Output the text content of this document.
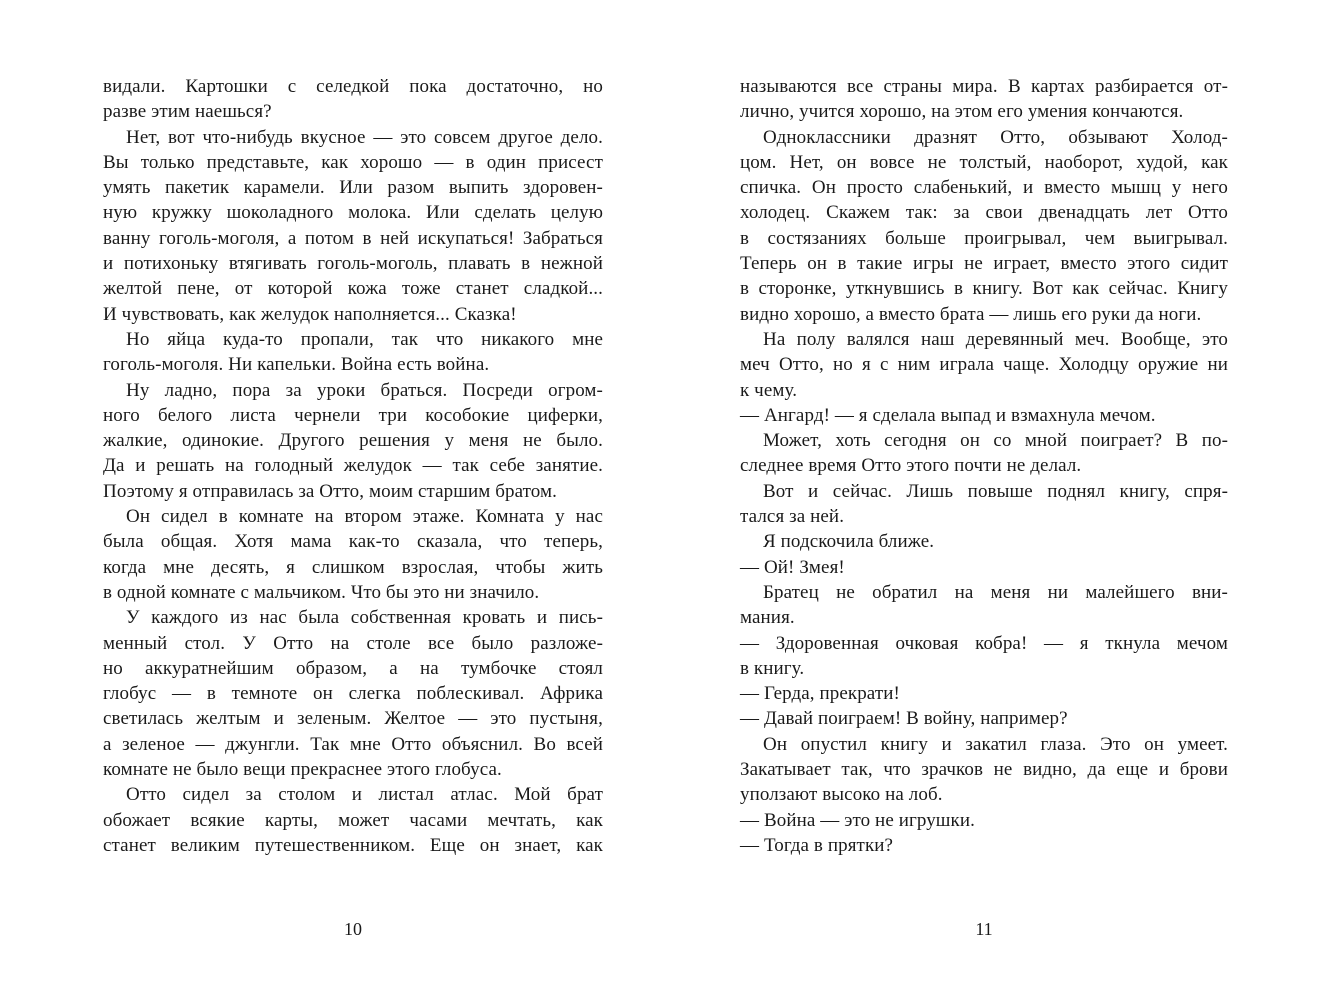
видали. Картошки с селедкой пока достаточно, но
разве этим наешься?
Нет, вот что-нибудь вкусное — это совсем другое дело.
Вы только представьте, как хорошо — в один присест
умять пакетик карамели. Или разом выпить здоровен-
ную кружку шоколадного молока. Или сделать целую
ванну гоголь-моголя, а потом в ней искупаться! Забраться
и потихоньку втягивать гоголь-моголь, плавать в нежной
желтой пене, от которой кожа тоже станет сладкой...
И чувствовать, как желудок наполняется... Сказка!
Но яйца куда-то пропали, так что никакого мне
гоголь-моголя. Ни капельки. Война есть война.
Ну ладно, пора за уроки браться. Посреди огром-
ного белого листа чернели три кособокие циферки,
жалкие, одинокие. Другого решения у меня не было.
Да и решать на голодный желудок — так себе занятие.
Поэтому я отправилась за Отто, моим старшим братом.
Он сидел в комнате на втором этаже. Комната у нас
была общая. Хотя мама как-то сказала, что теперь,
когда мне десять, я слишком взрослая, чтобы жить
в одной комнате с мальчиком. Что бы это ни значило.
У каждого из нас была собственная кровать и пись-
менный стол. У Отто на столе все было разложе-
но аккуратнейшим образом, а на тумбочке стоял
глобус — в темноте он слегка поблескивал. Африка
светилась желтым и зеленым. Желтое — это пустыня,
а зеленое — джунгли. Так мне Отто объяснил. Во всей
комнате не было вещи прекраснее этого глобуса.
Отто сидел за столом и листал атлас. Мой брат
обожает всякие карты, может часами мечтать, как
станет великим путешественником. Еще он знает, как
10
называются все страны мира. В картах разбирается от-
лично, учится хорошо, на этом его умения кончаются.
Одноклассники дразнят Отто, обзывают Холод-
цом. Нет, он вовсе не толстый, наоборот, худой, как
спичка. Он просто слабенький, и вместо мышц у него
холодец. Скажем так: за свои двенадцать лет Отто
в состязаниях больше проигрывал, чем выигрывал.
Теперь он в такие игры не играет, вместо этого сидит
в сторонке, уткнувшись в книгу. Вот как сейчас. Книгу
видно хорошо, а вместо брата — лишь его руки да ноги.
На полу валялся наш деревянный меч. Вообще, это
меч Отто, но я с ним играла чаще. Холодцу оружие ни
к чему.
— Ангард! — я сделала выпад и взмахнула мечом.
Может, хоть сегодня он со мной поиграет? В по-
следнее время Отто этого почти не делал.
Вот и сейчас. Лишь повыше поднял книгу, спря-
тался за ней.
Я подскочила ближе.
— Ой! Змея!
Братец не обратил на меня ни малейшего вни-
мания.
— Здоровенная очковая кобра! — я ткнула мечом
в книгу.
— Герда, прекрати!
— Давай поиграем! В войну, например?
Он опустил книгу и закатил глаза. Это он умеет.
Закатывает так, что зрачков не видно, да еще и брови
уползают высоко на лоб.
— Война — это не игрушки.
— Тогда в прятки?
11
